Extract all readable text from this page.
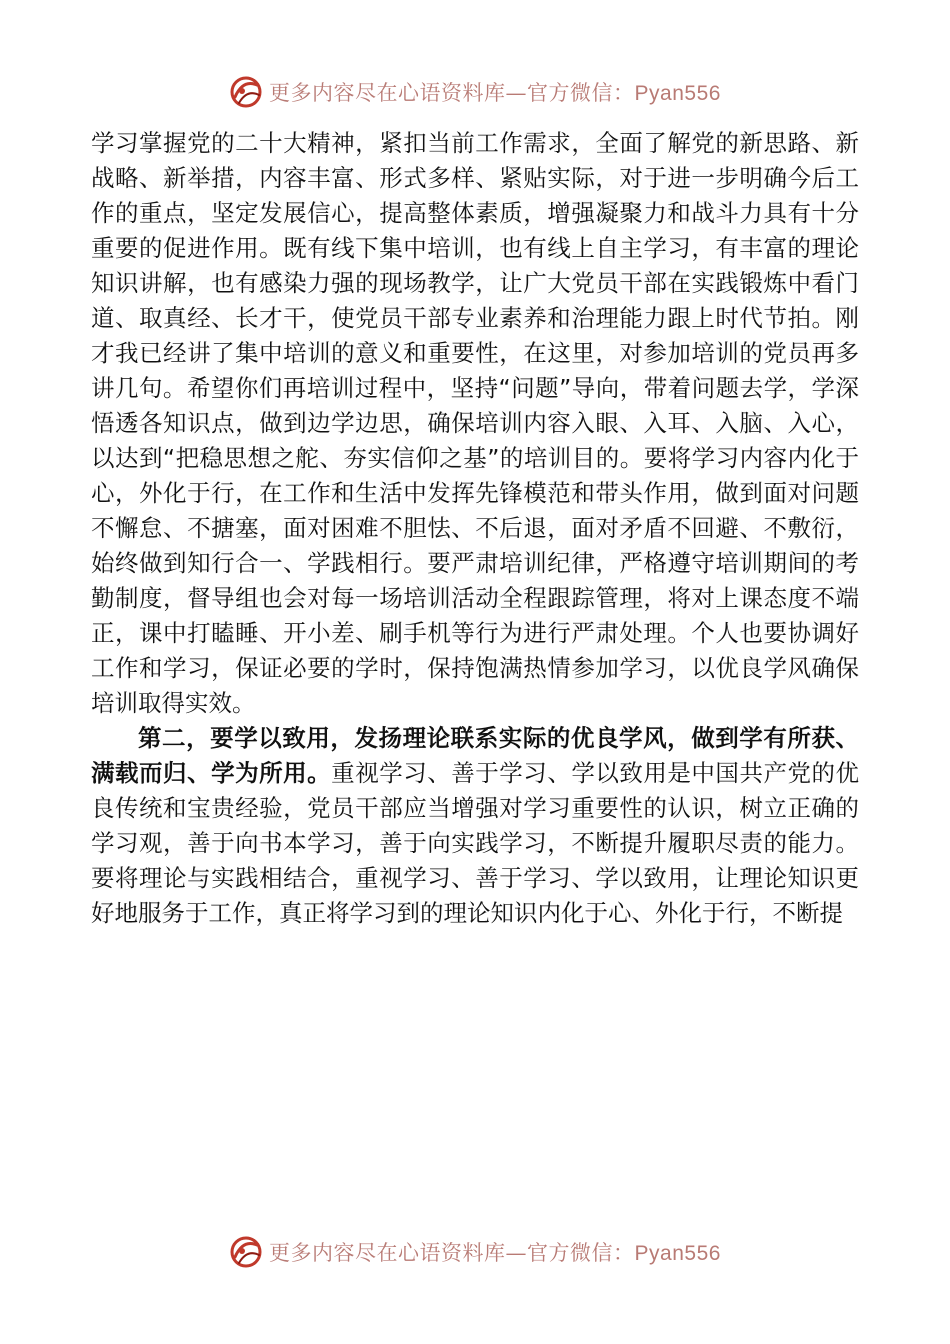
更多内容尽在心语资料库—官方微信：Pyan556

学习掌握党的二十大精神，紧扣当前工作需求，全面了解党的新思路、新战略、新举措，内容丰富、形式多样、紧贴实际，对于进一步明确今后工作的重点，坚定发展信心，提高整体素质，增强凝聚力和战斗力具有十分重要的促进作用。既有线下集中培训，也有线上自主学习，有丰富的理论知识讲解，也有感染力强的现场教学，让广大党员干部在实践锻炼中看门道、取真经、长才干，使党员干部专业素养和治理能力跟上时代节拍。刚才我已经讲了集中培训的意义和重要性，在这里，对参加培训的党员再多讲几句。希望你们再培训过程中，坚持“问题”导向，带着问题去学，学深悟透各知识点，做到边学边思，确保培训内容入眼、入耳、入脑、入心，以达到“把稳思想之舵、夯实信仰之基”的培训目的。要将学习内容内化于心，外化于行，在工作和生活中发挥先锋模范和带头作用，做到面对问题不懈怠、不搪塞，面对困难不胆怯、不后退，面对矛盾不回避、不敷衍，始终做到知行合一、学践相行。要严肃培训纪律，严格遵守培训期间的考勤制度，督导组也会对每一场培训活动全程跟踪管理，将对上课态度不端正，课中打瞌睡、开小差、刷手机等行为进行严肃处理。个人也要协调好工作和学习，保证必要的学时，保持饱满热情参加学习，以优良学风确保培训取得实效。

第二，要学以致用，发扬理论联系实际的优良学风，做到学有所获、满载而归、学为所用。重视学习、善于学习、学以致用是中国共产党的优良传统和宝贵经验，党员干部应当增强对学习重要性的认识，树立正确的学习观，善于向书本学习，善于向实践学习，不断提升履职尽责的能力。要将理论与实践相结合，重视学习、善于学习、学以致用，让理论知识更好地服务于工作，真正将学习到的理论知识内化于心、外化于行，不断提

更多内容尽在心语资料库—官方微信：Pyan556
